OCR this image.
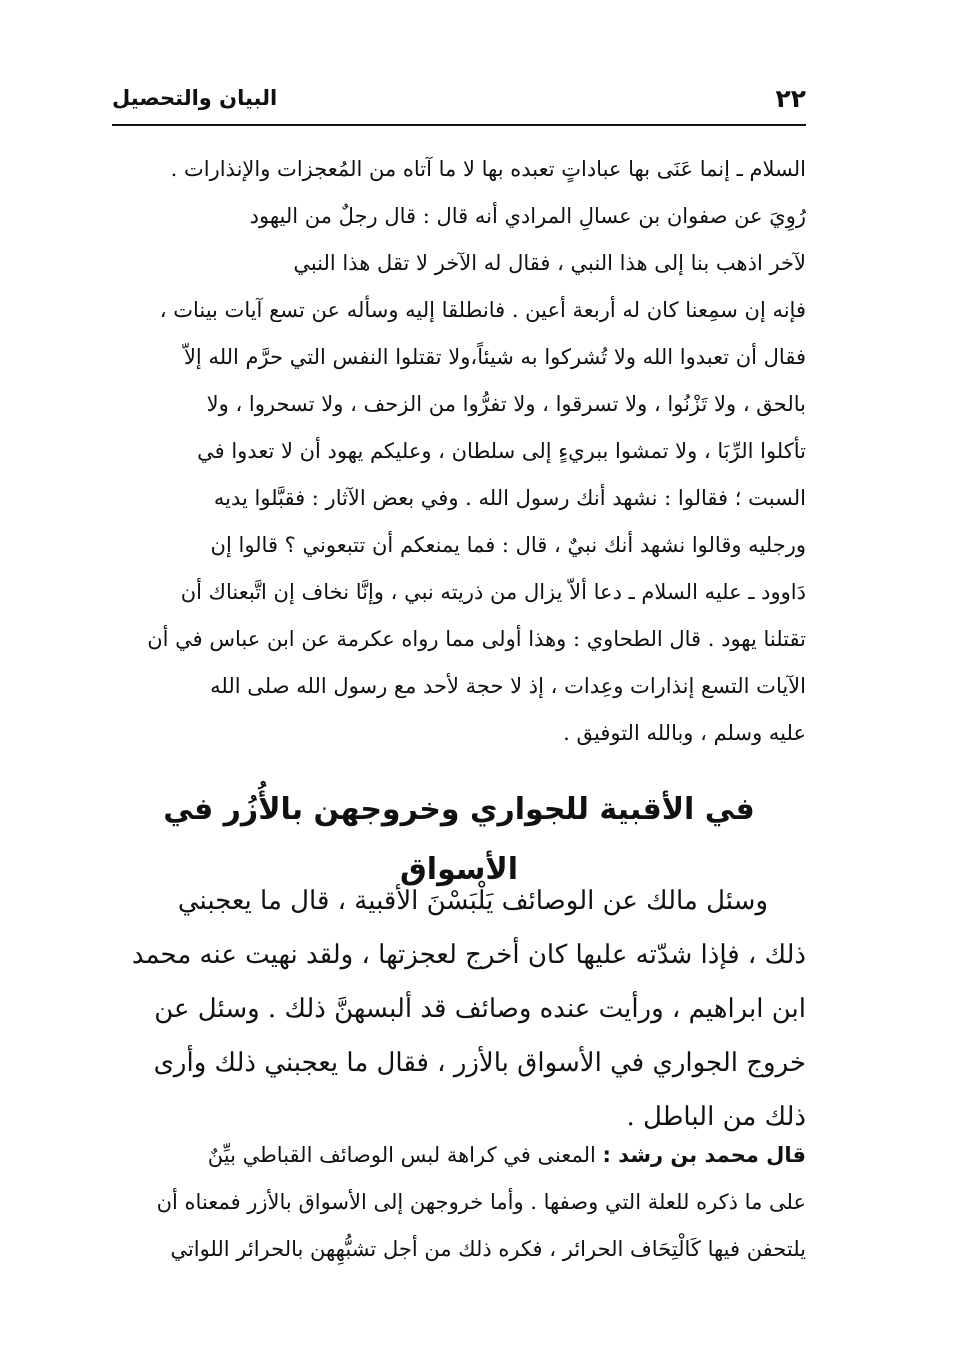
٢٢
البيان والتحصيل
السلام ـ إنما عَنَى بها عباداتٍ تعبده بها لا ما آتاه من المُعجزات والإنذارات .
رُوِيَ عن صفوان بن عسالِ المرادي أنه قال : قال رجلٌ من اليهود
لآخر اذهب بنا إلى هذا النبي ، فقال له الآخر لا تقل هذا النبي
فإنه إن سمِعنا كان له أربعة أعين . فانطلقا إليه وسأله عن تسع آيات بينات ،
فقال أن تعبدوا الله ولا تُشركوا به شيئاً،ولا تقتلوا النفس التي حرَّم الله إلاّ
بالحق ، ولا تَزْنُوا ، ولا تسرقوا ، ولا تفرُّوا من الزحف ، ولا تسحروا ، ولا
تأكلوا الرِّبَا ، ولا تمشوا ببريءٍ إلى سلطان ، وعليكم يهود أن لا تعدوا في
السبت ؛ فقالوا : نشهد أنك رسول الله . وفي بعض الآثار : فقبَّلوا يديه
ورجليه وقالوا نشهد أنك نبيٌ ، قال : فما يمنعكم أن تتبعوني ؟ قالوا إن
دَاوود ـ عليه السلام ـ دعا ألاّ يزال من ذريته نبي ، وإنَّا نخاف إن اتَّبعناك أن
تقتلنا يهود . قال الطحاوي : وهذا أولى مما رواه عكرمة عن ابن عباس في أن
الآيات التسع إنذارات وعِدات ، إذ لا حجة لأحد مع رسول الله صلى الله
عليه وسلم ، وبالله التوفيق .
في الأقبية للجواري وخروجهن بالأُزُر في الأسواق
وسئل مالك عن الوصائف يَلْبَسْنَ الأقبية ، قال ما يعجبني
ذلك ، فإذا شدّته عليها كان أخرج لعجزتها ، ولقد نهيت عنه محمد
ابن ابراهيم ، ورأيت عنده وصائف قد ألبسهنَّ ذلك . وسئل عن
خروج الجواري في الأسواق بالأزر ، فقال ما يعجبني ذلك وأرى
ذلك من الباطل .
قال محمد بن رشد : المعنى في كراهة لبس الوصائف القباطي بيِّنٌ
على ما ذكره للعلة التي وصفها . وأما خروجهن إلى الأسواق بالأزر فمعناه أن
يلتحفن فيها كَالْتِحَاف الحرائر ، فكره ذلك من أجل تشبُّهِهن بالحرائر اللواتي
